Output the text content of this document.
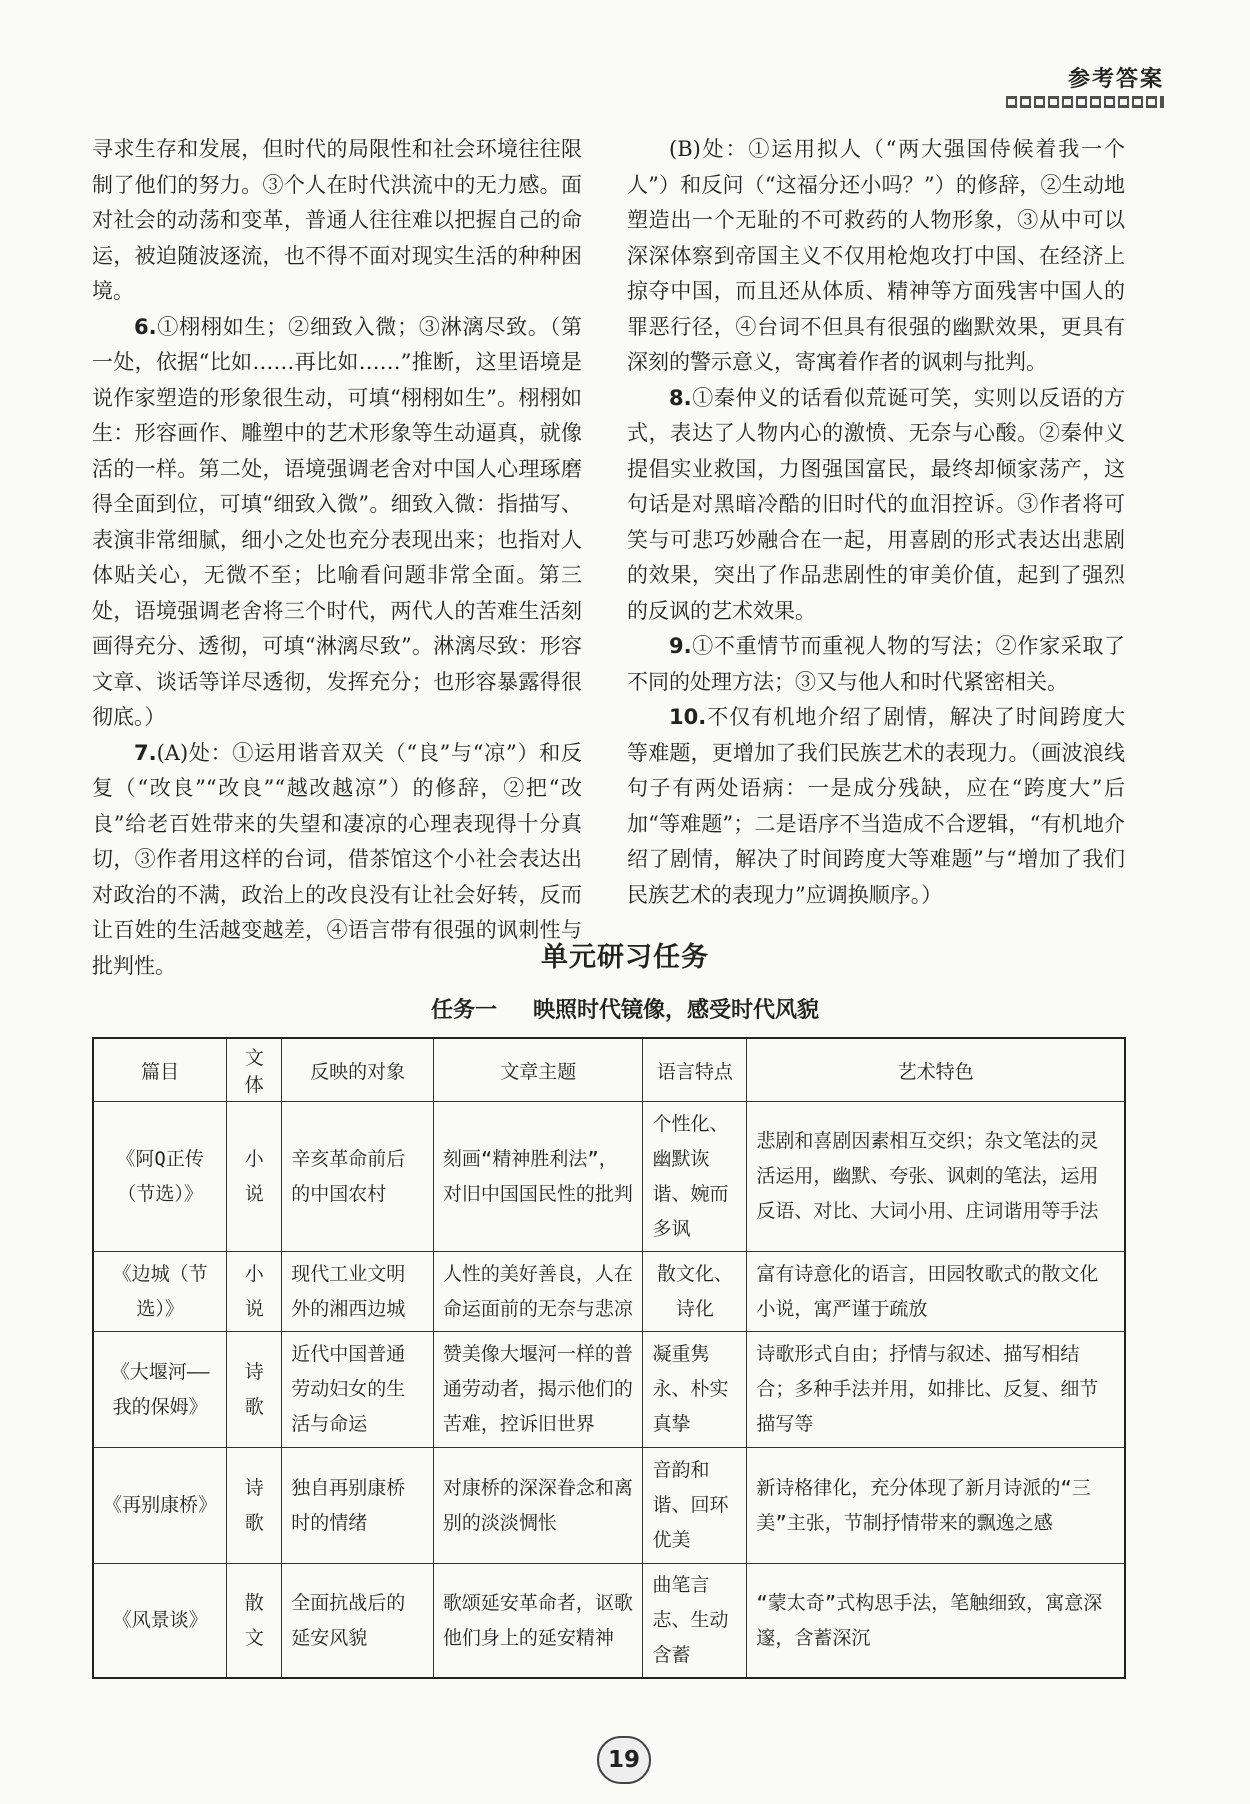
参考答案

寻求生存和发展，但时代的局限性和社会环境往往限制了他们的努力。③个人在时代洪流中的无力感。面对社会的动荡和变革，普通人往往难以把握自己的命运，被迫随波逐流，也不得不面对现实生活的种种困境。

6.①栩栩如生；②细致入微；③淋漓尽致。（第一处，依据“比如……再比如……”推断，这里语境是说作家塑造的形象很生动，可填“栩栩如生”。栩栩如生：形容画作、雕塑中的艺术形象等生动逼真，就像活的一样。第二处，语境强调老舍对中国人心理琢磨得全面到位，可填“细致入微”。细致入微：指描写、表演非常细腻，细小之处也充分表现出来；也指对人体贴关心，无微不至；比喻看问题非常全面。第三处，语境强调老舍将三个时代，两代人的苦难生活刻画得充分、透彻，可填“淋漓尽致”。淋漓尽致：形容文章、谈话等详尽透彻，发挥充分；也形容暴露得很彻底。）

7.(A)处：①运用谐音双关（“良”与“凉”）和反复（“改良”“改良”“越改越凉”）的修辞，②把“改良”给老百姓带来的失望和凄凉的心理表现得十分真切，③作者用这样的台词，借茶馆这个小社会表达出对政治的不满，政治上的改良没有让社会好转，反而让百姓的生活越变越差，④语言带有很强的讽刺性与批判性。

(B)处：①运用拟人（“两大强国侍候着我一个人”）和反问（“这福分还小吗？”）的修辞，②生动地塑造出一个无耻的不可救药的人物形象，③从中可以深深体察到帝国主义不仅用枪炮攻打中国、在经济上掠夺中国，而且还从体质、精神等方面残害中国人的罪恶行径，④台词不但具有很强的幽默效果，更具有深刻的警示意义，寄寓着作者的讽刺与批判。

8.①秦仲义的话看似荒诞可笑，实则以反语的方式，表达了人物内心的激愤、无奈与心酸。②秦仲义提倡实业救国，力图强国富民，最终却倾家荡产，这句话是对黑暗冷酷的旧时代的血泪控诉。③作者将可笑与可悲巧妙融合在一起，用喜剧的形式表达出悲剧的效果，突出了作品悲剧性的审美价值，起到了强烈的反讽的艺术效果。

9.①不重情节而重视人物的写法；②作家采取了不同的处理方法；③又与他人和时代紧密相关。

10.不仅有机地介绍了剧情，解决了时间跨度大等难题，更增加了我们民族艺术的表现力。（画波浪线句子有两处语病：一是成分残缺，应在“跨度大”后加“等难题”；二是语序不当造成不合逻辑，“有机地介绍了剧情，解决了时间跨度大等难题”与“增加了我们民族艺术的表现力”应调换顺序。）

单元研习任务
任务一 映照时代镜像，感受时代风貌
篇目	文体	反映的对象	文章主题	语言特点	艺术特色
《阿Q正传（节选）》	小说	辛亥革命前后的中国农村	刻画“精神胜利法”，对旧中国国民性的批判	个性化、幽默诙谐、婉而多讽	悲剧和喜剧因素相互交织；杂文笔法的灵活运用，幽默、夸张、讽刺的笔法，运用反语、对比、大词小用、庄词谐用等手法
《边城（节选）》	小说	现代工业文明外的湘西边城	人性的美好善良，人在命运面前的无奈与悲凉	散文化、诗化	富有诗意化的语言，田园牧歌式的散文化小说，寓严谨于疏放
《大堰河——我的保姆》	诗歌	近代中国普通劳动妇女的生活与命运	赞美像大堰河一样的普通劳动者，揭示他们的苦难，控诉旧世界	凝重隽永、朴实真挚	诗歌形式自由；抒情与叙述、描写相结合；多种手法并用，如排比、反复、细节描写等
《再别康桥》	诗歌	独自再别康桥时的情绪	对康桥的深深眷念和离别的淡淡惆怅	音韵和谐、回环优美	新诗格律化，充分体现了新月诗派的“三美”主张，节制抒情带来的飘逸之感
《风景谈》	散文	全面抗战后的延安风貌	歌颂延安革命者，讴歌他们身上的延安精神	曲笔言志、生动含蓄	“蒙太奇”式构思手法，笔触细致，寓意深邃，含蓄深沉
19
